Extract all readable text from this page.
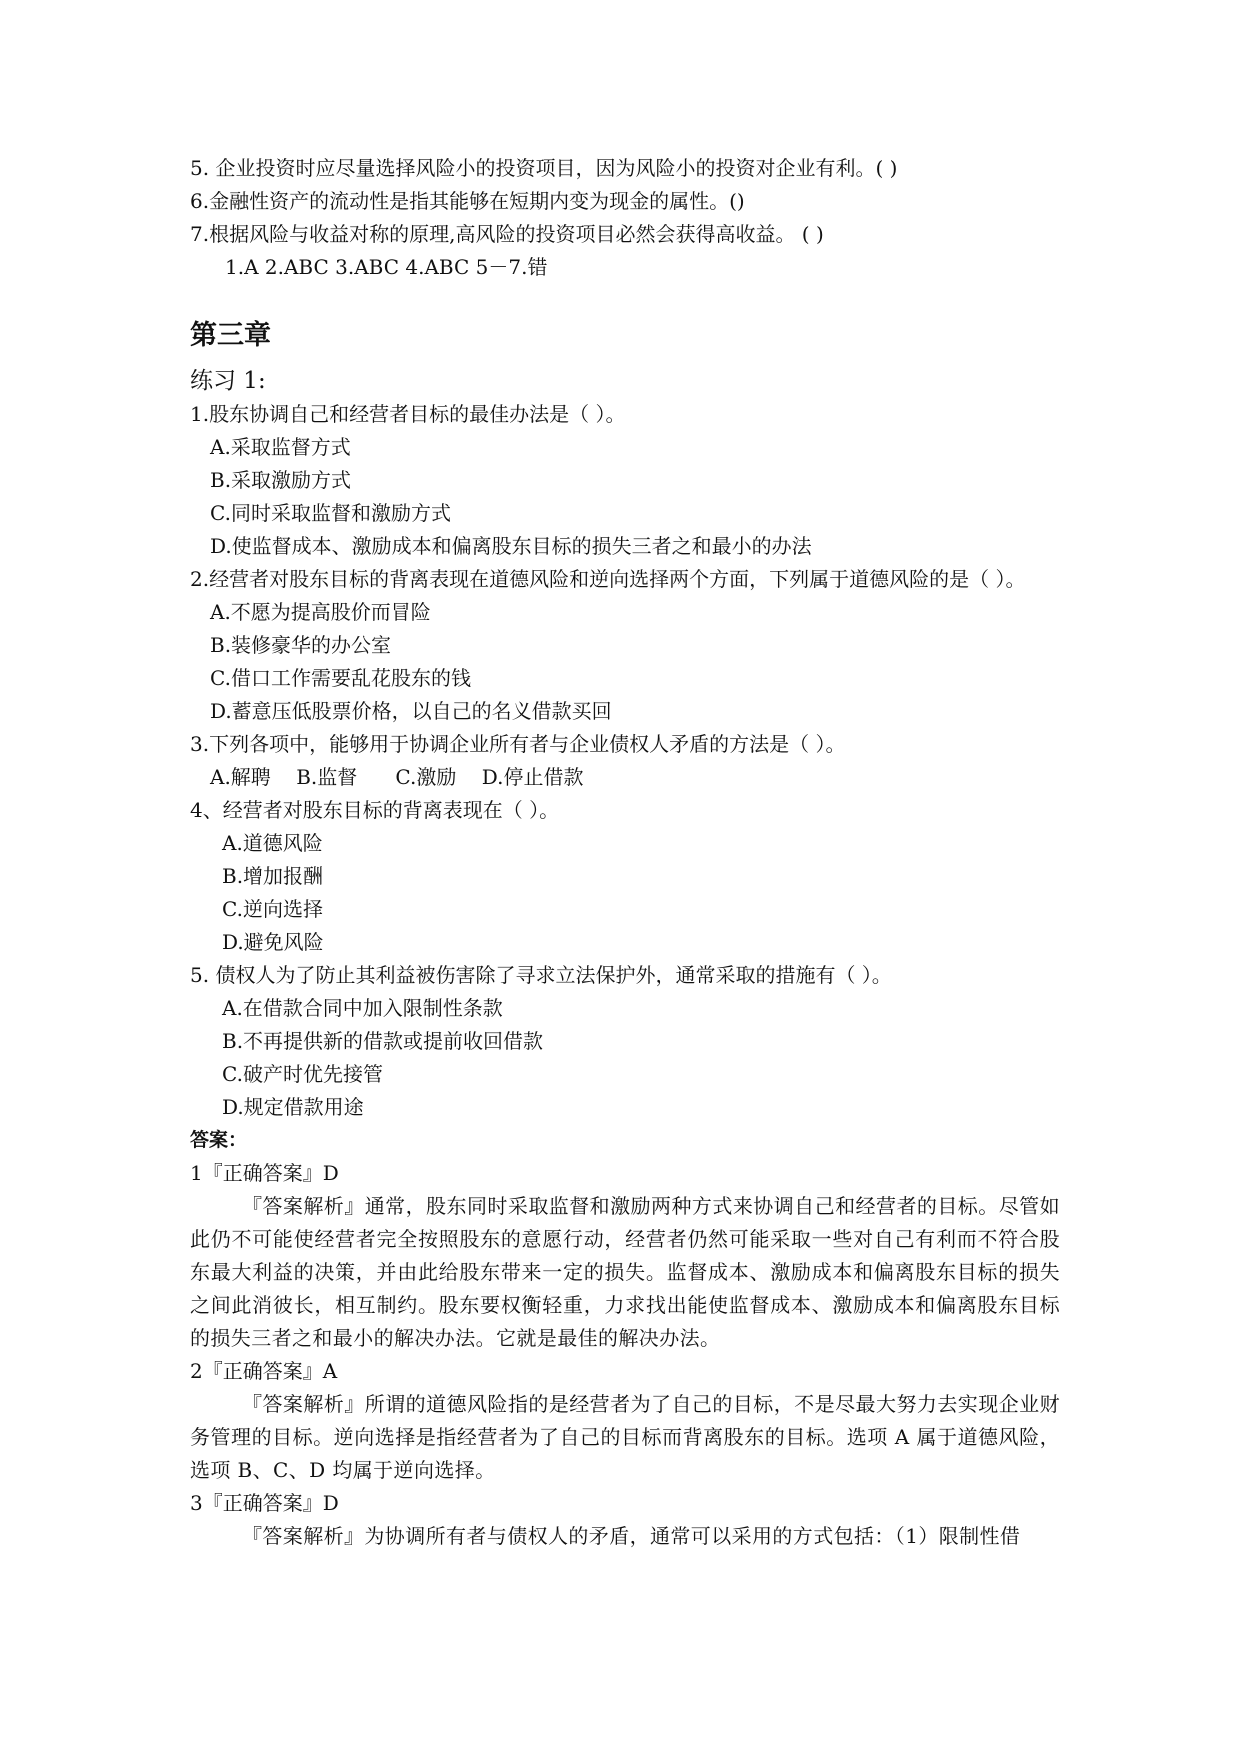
5. 企业投资时应尽量选择风险小的投资项目，因为风险小的投资对企业有利。( )
6.金融性资产的流动性是指其能够在短期内变为现金的属性。()
7.根据风险与收益对称的原理,高风险的投资项目必然会获得高收益。 ( )
1.A 2.ABC 3.ABC 4.ABC 5－7.错
第三章
练习 1:
1.股东协调自己和经营者目标的最佳办法是（ ）。
A.采取监督方式
B.采取激励方式
C.同时采取监督和激励方式
D.使监督成本、激励成本和偏离股东目标的损失三者之和最小的办法
2.经营者对股东目标的背离表现在道德风险和逆向选择两个方面，下列属于道德风险的是（ ）。
A.不愿为提高股价而冒险
B.装修豪华的办公室
C.借口工作需要乱花股东的钱
D.蓄意压低股票价格，以自己的名义借款买回
3.下列各项中，能够用于协调企业所有者与企业债权人矛盾的方法是（ ）。
A.解聘    B.监督      C.激励    D.停止借款
4、经营者对股东目标的背离表现在（ ）。
A.道德风险
B.增加报酬
C.逆向选择
D.避免风险
5. 债权人为了防止其利益被伤害除了寻求立法保护外，通常采取的措施有（ ）。
A.在借款合同中加入限制性条款
B.不再提供新的借款或提前收回借款
C.破产时优先接管
D.规定借款用途
答案：
1『正确答案』D
『答案解析』通常，股东同时采取监督和激励两种方式来协调自己和经营者的目标。尽管如此仍不可能使经营者完全按照股东的意愿行动，经营者仍然可能采取一些对自己有利而不符合股东最大利益的决策，并由此给股东带来一定的损失。监督成本、激励成本和偏离股东目标的损失之间此消彼长，相互制约。股东要权衡轻重，力求找出能使监督成本、激励成本和偏离股东目标的损失三者之和最小的解决办法。它就是最佳的解决办法。
2『正确答案』A
『答案解析』所谓的道德风险指的是经营者为了自己的目标，不是尽最大努力去实现企业财务管理的目标。逆向选择是指经营者为了自己的目标而背离股东的目标。选项 A 属于道德风险，选项 B、C、D 均属于逆向选择。
3『正确答案』D
『答案解析』为协调所有者与债权人的矛盾，通常可以采用的方式包括：（1）限制性借
